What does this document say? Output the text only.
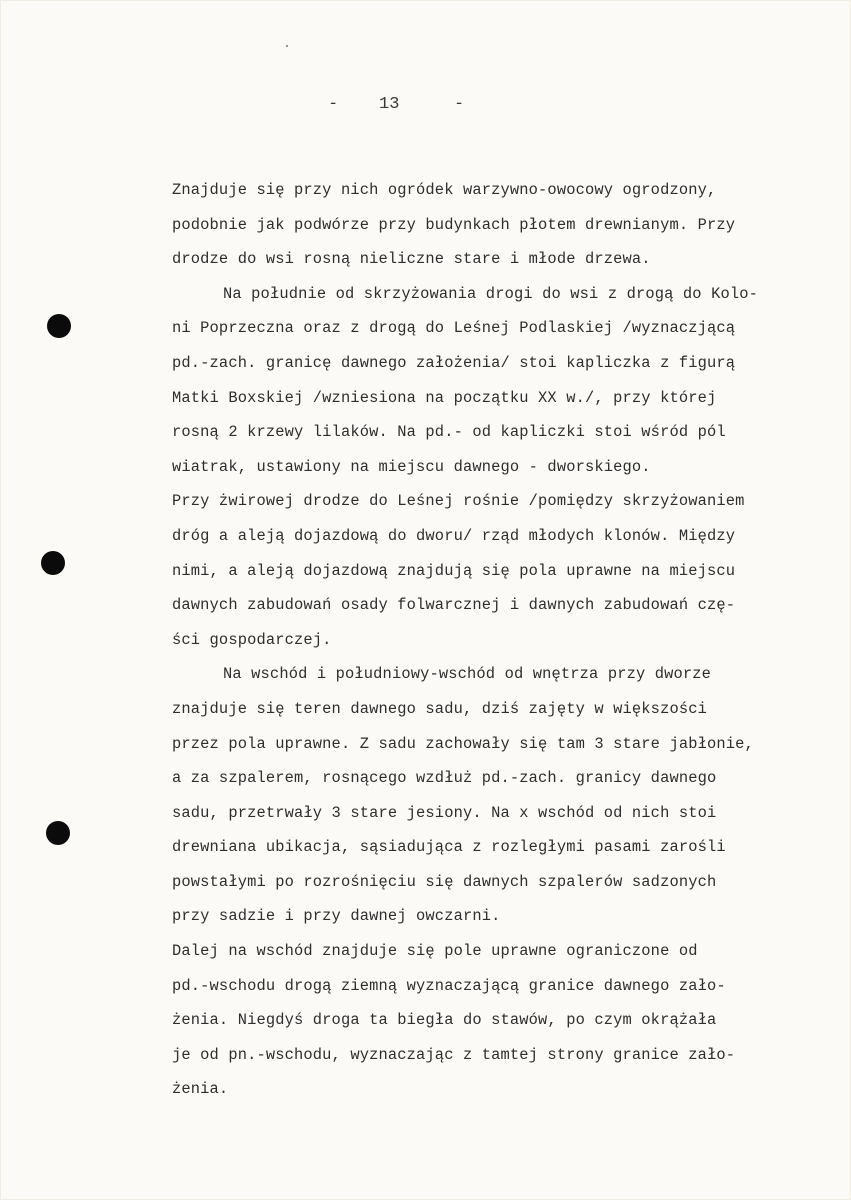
- 13	-
Znajduje się przy nich ogródek warzywno-owocowy ogrodzony,
podobnie jak podwórze przy budynkach płotem drewnianym. Przy
drodze do wsi rosną nieliczne stare i młode drzewa.
Na południe od skrzyżowania drogi do wsi z drogą do Kolo-
ni Poprzeczna oraz z drogą do Leśnej Podlaskiej /wyznaczjącą
pd.-zach. granicę dawnego założenia/ stoi kapliczka z figurą
Matki Boxskiej /wzniesiona na początku XX w./, przy której
rosną 2 krzewy lilaków. Na pd.- od kapliczki stoi wśród pól
wiatrak, ustawiony na miejscu dawnego - dworskiego.
Przy żwirowej drodze do Leśnej rośnie /pomiędzy skrzyżowaniem
dróg a aleją dojazdową do dworu/ rząd młodych klonów. Między
nimi, a aleją dojazdową znajdują się pola uprawne na miejscu
dawnych zabudowań osady folwarcznej i dawnych zabudowań czę-
ści gospodarczej.
Na wschód i południowy-wschód od wnętrza przy dworze
znajduje się teren dawnego sadu, dziś zajęty w większości
przez pola uprawne. Z sadu zachowały się tam 3 stare jabłonie,
a za szpalerem, rosnącego wzdłuż pd.-zach. granicy dawnego
sadu, przetrwały 3 stare jesiony. Na x wschód od nich stoi
drewniana ubikacja, sąsiadująca z rozległymi pasami zarośli
powstałymi po rozrośnięciu się dawnych szpalerów sadzonych
przy sadzie i przy dawnej owczarni.
Dalej na wschód znajduje się pole uprawne ograniczone od
pd.-wschodu drogą ziemną wyznaczającą granice dawnego zało-
żenia. Niegdyś droga ta biegła do stawów, po czym okrążała
je od pn.-wschodu, wyznaczając z tamtej strony granice zało-
żenia.
